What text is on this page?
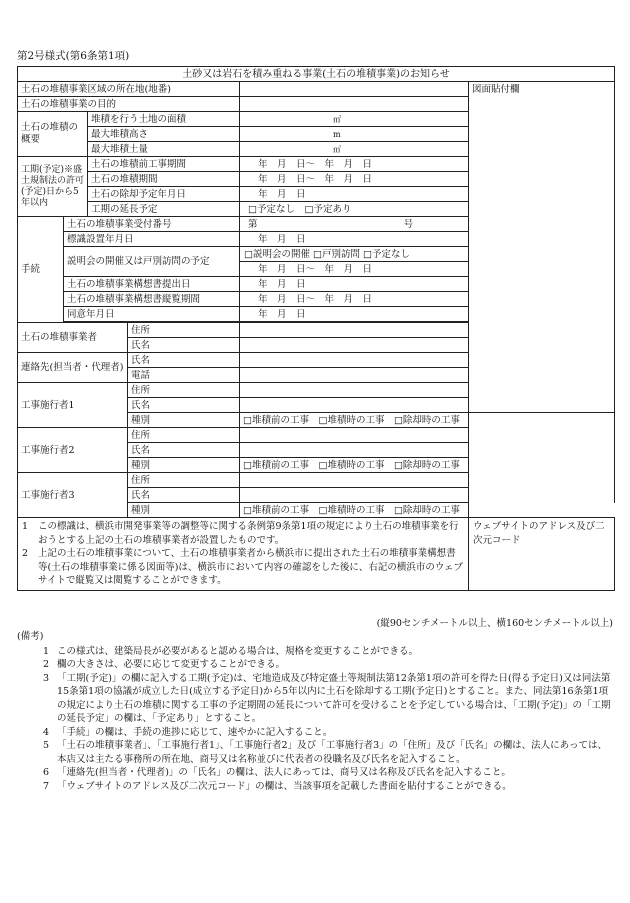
第2号様式(第6条第1項)
土砂又は岩石を積み重ねる事業(土石の堆積事業)のお知らせ						
土石の堆積事業区域の所在地(地番)					図面貼付欄	
土石の堆積事業の目的						
土石の堆積の概要		堆積を行う土地の面積		㎡		
		最大堆積高さ		m		
		最大堆積土量		㎥		
工期(予定)※盛土規制法の許可(予定)日から5年以内		土石の堆積前工事期間		年　月　日〜　年　月　日		
		土石の堆積期間		年　月　日〜　年　月　日		
		土石の除却予定年月日		年　月　日		
		工期の延長予定		□予定なし　□予定あり		
手続	土石の堆積事業受付番号			第 号		
	標識設置年月日			年　月　日		
	説明会の開催又は戸別訪問の予定			□説明会の開催 □戸別訪問 □予定なし		
				年　月　日〜　年　月　日		
	土石の堆積事業構想書提出日			年　月　日		
	土石の堆積事業構想書縦覧期間			年　月　日〜　年　月　日		
	同意年月日			年　月　日		

土石の堆積事業者			住所			
			氏名			
連絡先(担当者・代理者)			氏名			
			電話			
工事施行者1			住所			
			氏名		
			種別	□堆積前の工事　□堆積時の工事　□除却時の工事		
工事施行者2			住所			
			氏名			
			種別	□堆積前の工事　□堆積時の工事　□除却時の工事		
工事施行者3			住所			
			氏名			
			種別	□堆積前の工事　□堆積時の工事　□除却時の工事		

1 この標識は、横浜市開発事業等の調整等に関する条例第9条第1項の規定により土石の堆積事業を行おうとする上記の土石の堆積事業者が設置したものです。
2 上記の土石の堆積事業について、土石の堆積事業者から横浜市に提出された土石の堆積事業構想書等(土石の堆積事業に係る図面等)は、横浜市において内容の確認をした後に、右記の横浜市のウェブサイトで縦覧又は閲覧することができます。					ウェブサイトのアドレス及び二次元コード	
(縦90センチメートル以上、横160センチメートル以上)
(備考)
1 この様式は、建築局長が必要があると認める場合は、規格を変更することができる。
2 欄の大きさは、必要に応じて変更することができる。
3 「工期(予定)」の欄に記入する工期(予定)は、宅地造成及び特定盛土等規制法第12条第1項の許可を得た日(得る予定日)又は同法第15条第1項の協議が成立した日(成立する予定日)から5年以内に土石を除却する工期(予定日)とすること。また、同法第16条第1項の規定により土石の堆積に関する工事の予定期間の延長について許可を受けることを予定している場合は、「工期(予定)」の「工期の延長予定」の欄は、「予定あり」とすること。
4 「手続」の欄は、手続の進捗に応じて、速やかに記入すること。
5 「土石の堆積事業者」、「工事施行者1」、「工事施行者2」及び「工事施行者3」の「住所」及び「氏名」の欄は、法人にあっては、本店又は主たる事務所の所在地、商号又は名称並びに代表者の役職名及び氏名を記入すること。
6 「連絡先(担当者・代理者)」の「氏名」の欄は、法人にあっては、商号又は名称及び氏名を記入すること。
7 「ウェブサイトのアドレス及び二次元コード」の欄は、当該事項を記載した書面を貼付することができる。
